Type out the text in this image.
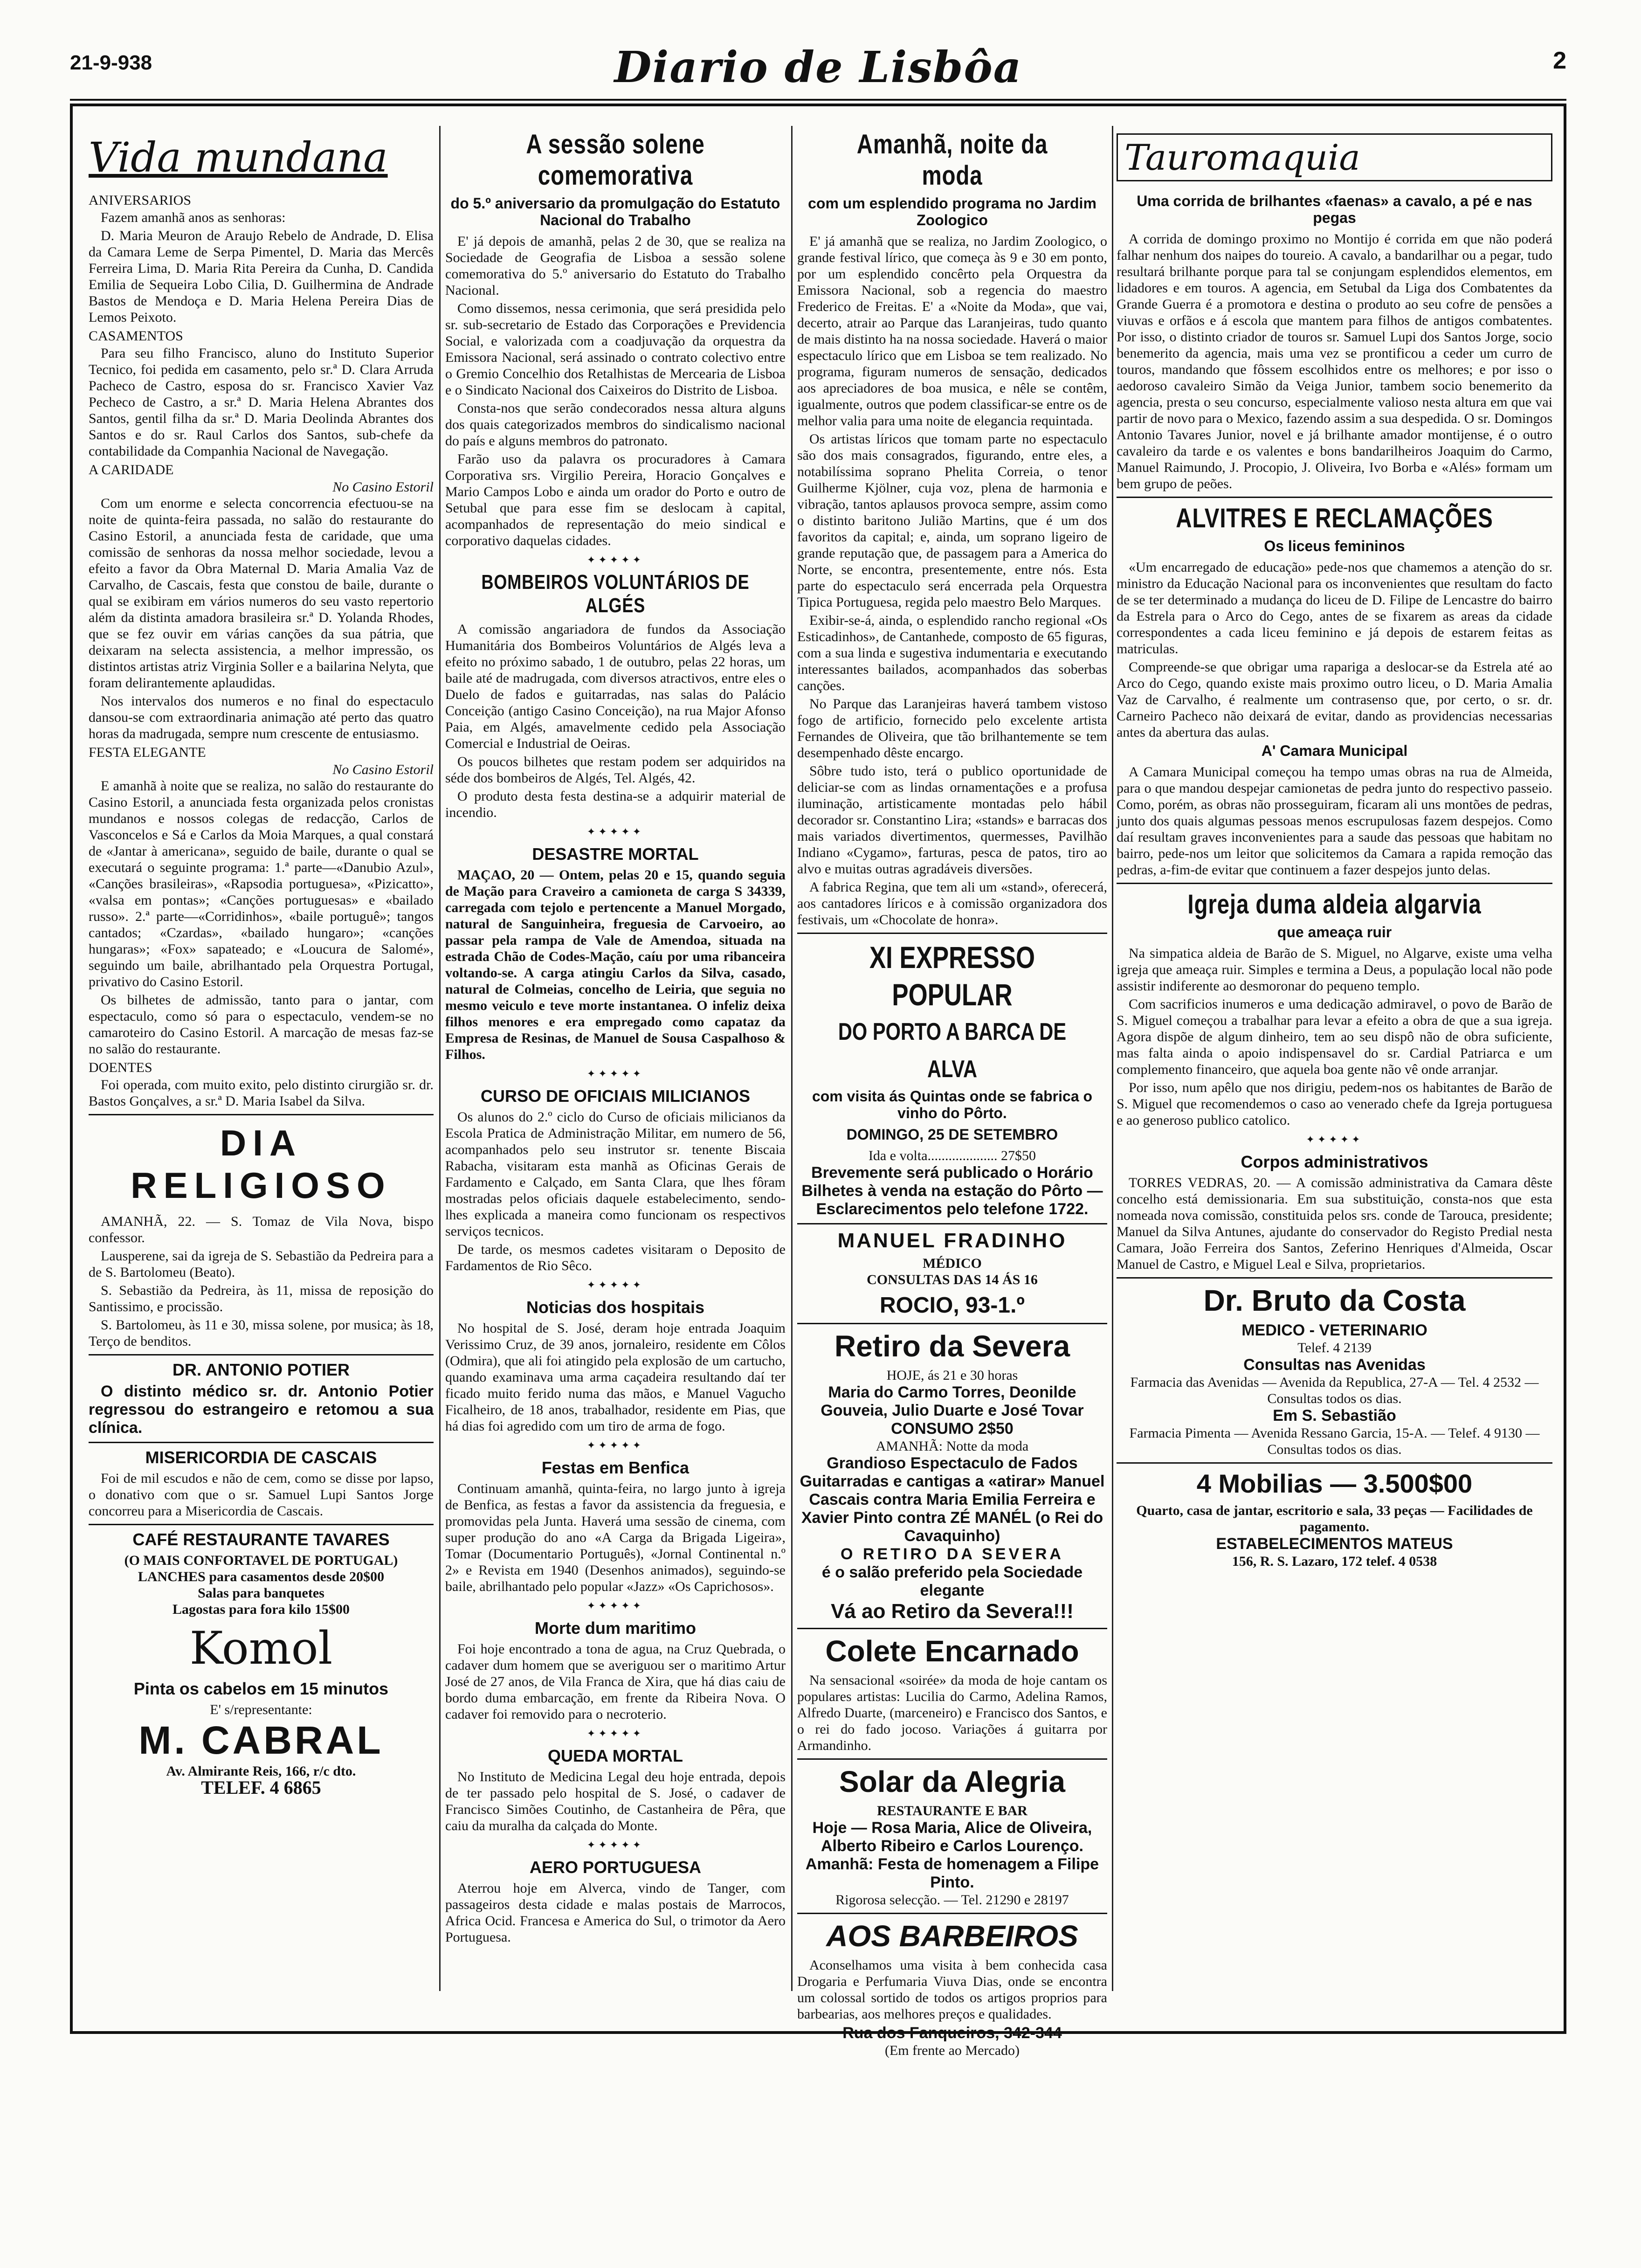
21-9-938	Diario de Lisbôa	2
Vida mundana
ANIVERSARIOS

Fazem amanhã anos as senhoras:

D. Maria Meuron de Araujo Rebelo de Andrade, D. Elisa da Camara Leme de Serpa Pimentel, D. Maria das Mercês Ferreira Lima, D. Maria Rita Pereira da Cunha, D. Candida Emilia de Sequeira Lobo Cilia, D. Guilhermina de Andrade Bastos de Mendoça e D. Maria Helena Pereira Dias de Lemos Peixoto.

CASAMENTOS

Para seu filho Francisco, aluno do Instituto Superior Tecnico, foi pedida em casamento, pelo sr.ª D. Clara Arruda Pacheco de Castro, esposa do sr. Francisco Xavier Vaz Pecheco de Castro, a sr.ª D. Maria Helena Abrantes dos Santos, gentil filha da sr.ª D. Maria Deolinda Abrantes dos Santos e do sr. Raul Carlos dos Santos, sub-chefe da contabilidade da Companhia Nacional de Navegação.

A CARIDADE
No Casino Estoril

Com um enorme e selecta concorrencia efectuou-se na noite de quinta-feira passada, no salão do restaurante do Casino Estoril, a anunciada festa de caridade, que uma comissão de senhoras da nossa melhor sociedade, levou a efeito a favor da Obra Maternal D. Maria Amalia Vaz de Carvalho, de Cascais, festa que constou de baile, durante o qual se exibiram em vários numeros do seu vasto repertorio além da distinta amadora brasileira sr.ª D. Yolanda Rhodes, que se fez ouvir em várias canções da sua pátria, que deixaram na selecta assistencia, a melhor impressão, os distintos artistas atriz Virginia Soller e a bailarina Nelyta, que foram delirantemente aplaudidas.

Nos intervalos dos numeros e no final do espectaculo dansou-se com extraordinaria animação até perto das quatro horas da madrugada, sempre num crescente de entusiasmo.

FESTA ELEGANTE
No Casino Estoril

E amanhã à noite que se realiza, no salão do restaurante do Casino Estoril, a anunciada festa organizada pelos cronistas mundanos e nossos colegas de redacção, Carlos de Vasconcelos e Sá e Carlos da Moia Marques, a qual constará de «Jantar à americana», seguido de baile, durante o qual se executará o seguinte programa: 1.ª parte—«Danubio Azul», «Canções brasileiras», «Rapsodia portuguesa», «Pizicatto», «valsa em pontas»; «Canções portuguesas» e «bailado russo». 2.ª parte—«Corridinhos», «baile portuguê»; tangos cantados; «Czardas», «bailado hungaro»; «canções hungaras»; «Fox» sapateado; e «Loucura de Salomé», seguindo um baile, abrilhantado pela Orquestra Portugal, privativo do Casino Estoril.

Os bilhetes de admissão, tanto para o jantar, com espectaculo, como só para o espectaculo, vendem-se no camaroteiro do Casino Estoril. A marcação de mesas faz-se no salão do restaurante.

DOENTES

Foi operada, com muito exito, pelo distinto cirurgião sr. dr. Bastos Gonçalves, a sr.ª D. Maria Isabel da Silva.

DIA RELIGIOSO

AMANHÃ, 22. — S. Tomaz de Vila Nova, bispo confessor.

Lausperene, sai da igreja de S. Sebastião da Pedreira para a de S. Bartolomeu (Beato).

S. Sebastião da Pedreira, às 11, missa de reposição do Santissimo, e procissão.

S. Bartolomeu, às 11 e 30, missa solene, por musica; às 18, Terço de benditos.

DR. ANTONIO POTIER

O distinto médico sr. dr. Antonio Potier regressou do estrangeiro e retomou a sua clínica.

MISERICORDIA DE CASCAIS

Foi de mil escudos e não de cem, como se disse por lapso, o donativo com que o sr. Samuel Lupi Santos Jorge concorreu para a Misericordia de Cascais.

CAFÉ RESTAURANTE TAVARES
(O MAIS CONFORTAVEL DE PORTUGAL)
LANCHES para casamentos desde 20$00
Salas para banquetes
Lagostas para fora kilo 15$00
Komol
Pinta os cabelos em 15 minutos
E' s/representante:
M. CABRAL
Av. Almirante Reis, 166, r/c dto.
TELEF. 4 6865
A sessão solene comemorativa
do 5.º aniversario da promulgação do Estatuto Nacional do Trabalho

E' já depois de amanhã, pelas 2 de 30, que se realiza na Sociedade de Geografia de Lisboa a sessão solene comemorativa do 5.º aniversario do Estatuto do Trabalho Nacional.

Como dissemos, nessa cerimonia, que será presidida pelo sr. sub-secretario de Estado das Corporações e Previdencia Social, e valorizada com a coadjuvação da orquestra da Emissora Nacional, será assinado o contrato colectivo entre o Gremio Concelhio dos Retalhistas de Mercearia de Lisboa e o Sindicato Nacional dos Caixeiros do Distrito de Lisboa.

Consta-nos que serão condecorados nessa altura alguns dos quais categorizados membros do sindicalismo nacional do país e alguns membros do patronato.

Farão uso da palavra os procuradores à Camara Corporativa srs. Virgilio Pereira, Horacio Gonçalves e Mario Campos Lobo e ainda um orador do Porto e outro de Setubal que para esse fim se deslocam à capital, acompanhados de representação do meio sindical e corporativo daquelas cidades.

✦✦✦✦✦
BOMBEIROS VOLUNTÁRIOS DE ALGÉS

A comissão angariadora de fundos da Associação Humanitária dos Bombeiros Voluntários de Algés leva a efeito no próximo sabado, 1 de outubro, pelas 22 horas, um baile até de madrugada, com diversos atractivos, entre eles o Duelo de fados e guitarradas, nas salas do Palácio Conceição (antigo Casino Conceição), na rua Major Afonso Paia, em Algés, amavelmente cedido pela Associação Comercial e Industrial de Oeiras.

Os poucos bilhetes que restam podem ser adquiridos na séde dos bombeiros de Algés, Tel. Algés, 42.

O produto desta festa destina-se a adquirir material de incendio.

✦✦✦✦✦
DESASTRE MORTAL

MAÇAO, 20 — Ontem, pelas 20 e 15, quando seguia de Mação para Craveiro a camioneta de carga S 34339, carregada com tejolo e pertencente a Manuel Morgado, natural de Sanguinheira, freguesia de Carvoeiro, ao passar pela rampa de Vale de Amendoa, situada na estrada Chão de Codes-Mação, caíu por uma ribanceira voltando-se. A carga atingiu Carlos da Silva, casado, natural de Colmeias, concelho de Leiria, que seguia no mesmo veiculo e teve morte instantanea. O infeliz deixa filhos menores e era empregado como capataz da Empresa de Resinas, de Manuel de Sousa Caspalhoso & Filhos.

✦✦✦✦✦
CURSO DE OFICIAIS MILICIANOS

Os alunos do 2.º ciclo do Curso de oficiais milicianos da Escola Pratica de Administração Militar, em numero de 56, acompanhados pelo seu instrutor sr. tenente Biscaia Rabacha, visitaram esta manhã as Oficinas Gerais de Fardamento e Calçado, em Santa Clara, que lhes fôram mostradas pelos oficiais daquele estabelecimento, sendo-lhes explicada a maneira como funcionam os respectivos serviços tecnicos.

De tarde, os mesmos cadetes visitaram o Deposito de Fardamentos de Rio Sêco.

✦✦✦✦✦
Noticias dos hospitais

No hospital de S. José, deram hoje entrada Joaquim Verissimo Cruz, de 39 anos, jornaleiro, residente em Côlos (Odmira), que ali foi atingido pela explosão de um cartucho, quando examinava uma arma caçadeira resultando daí ter ficado muito ferido numa das mãos, e Manuel Vagucho Ficalheiro, de 18 anos, trabalhador, residente em Pias, que há dias foi agredido com um tiro de arma de fogo.

✦✦✦✦✦
Festas em Benfica

Continuam amanhã, quinta-feira, no largo junto à igreja de Benfica, as festas a favor da assistencia da freguesia, e promovidas pela Junta. Haverá uma sessão de cinema, com super produção do ano «A Carga da Brigada Ligeira», Tomar (Documentario Português), «Jornal Continental n.º 2» e Revista em 1940 (Desenhos animados), seguindo-se baile, abrilhantado pelo popular «Jazz» «Os Caprichosos».

✦✦✦✦✦
Morte dum maritimo

Foi hoje encontrado a tona de agua, na Cruz Quebrada, o cadaver dum homem que se averiguou ser o maritimo Artur José de 27 anos, de Vila Franca de Xira, que há dias caiu de bordo duma embarcação, em frente da Ribeira Nova. O cadaver foi removido para o necroterio.

✦✦✦✦✦
QUEDA MORTAL

No Instituto de Medicina Legal deu hoje entrada, depois de ter passado pelo hospital de S. José, o cadaver de Francisco Simões Coutinho, de Castanheira de Pêra, que caiu da muralha da calçada do Monte.

✦✦✦✦✦
AERO PORTUGUESA

Aterrou hoje em Alverca, vindo de Tanger, com passageiros desta cidade e malas postais de Marrocos, Africa Ocid. Francesa e America do Sul, o trimotor da Aero Portuguesa.

Amanhã, noite da moda
com um esplendido programa no Jardim Zoologico

E' já amanhã que se realiza, no Jardim Zoologico, o grande festival lírico, que começa às 9 e 30 em ponto, por um esplendido concêrto pela Orquestra da Emissora Nacional, sob a regencia do maestro Frederico de Freitas. E' a «Noite da Moda», que vai, decerto, atrair ao Parque das Laranjeiras, tudo quanto de mais distinto ha na nossa sociedade. Haverá o maior espectaculo lírico que em Lisboa se tem realizado. No programa, figuram numeros de sensação, dedicados aos apreciadores de boa musica, e nêle se contêm, igualmente, outros que podem classificar-se entre os de melhor valia para uma noite de elegancia requintada.

Os artistas líricos que tomam parte no espectaculo são dos mais consagrados, figurando, entre eles, a notabilíssima soprano Phelita Correia, o tenor Guilherme Kjölner, cuja voz, plena de harmonia e vibração, tantos aplausos provoca sempre, assim como o distinto baritono Julião Martins, que é um dos favoritos da capital; e, ainda, um soprano ligeiro de grande reputação que, de passagem para a America do Norte, se encontra, presentemente, entre nós. Esta parte do espectaculo será encerrada pela Orquestra Tipica Portuguesa, regida pelo maestro Belo Marques.

Exibir-se-á, ainda, o esplendido rancho regional «Os Esticadinhos», de Cantanhede, composto de 65 figuras, com a sua linda e sugestiva indumentaria e executando interessantes bailados, acompanhados das soberbas canções.

No Parque das Laranjeiras haverá tambem vistoso fogo de artificio, fornecido pelo excelente artista Fernandes de Oliveira, que tão brilhantemente se tem desempenhado dêste encargo.

Sôbre tudo isto, terá o publico oportunidade de deliciar-se com as lindas ornamentações e a profusa iluminação, artisticamente montadas pelo hábil decorador sr. Constantino Lira; «stands» e barracas dos mais variados divertimentos, quermesses, Pavilhão Indiano «Cygamo», farturas, pesca de patos, tiro ao alvo e muitas outras agradáveis diversões.

A fabrica Regina, que tem ali um «stand», oferecerá, aos cantadores líricos e à comissão organizadora dos festivais, um «Chocolate de honra».

XI EXPRESSO POPULAR
DO PORTO A BARCA DE ALVA
com visita ás Quintas onde se fabrica o vinho do Pôrto.
DOMINGO, 25 DE SETEMBRO
Ida e volta.................... 27$50
Brevemente será publicado o Horário
Bilhetes à venda na estação do Pôrto — Esclarecimentos pelo telefone 1722.
MANUEL FRADINHO
MÉDICO
CONSULTAS DAS 14 ÁS 16
ROCIO, 93-1.º
Retiro da Severa
HOJE, ás 21 e 30 horas
Maria do Carmo Torres, Deonilde Gouveia, Julio Duarte e José Tovar
CONSUMO 2$50
AMANHÃ: Notte da moda
Grandioso Espectaculo de Fados Guitarradas e cantigas a «atirar» Manuel Cascais contra Maria Emilia Ferreira e Xavier Pinto contra ZÉ MANÉL (o Rei do Cavaquinho)
O RETIRO DA SEVERA
é o salão preferido pela Sociedade elegante
Vá ao Retiro da Severa!!!
Colete Encarnado

Na sensacional «soirée» da moda de hoje cantam os populares artistas: Lucilia do Carmo, Adelina Ramos, Alfredo Duarte, (marceneiro) e Francisco dos Santos, e o rei do fado jocoso. Variações á guitarra por Armandinho.

Solar da Alegria
RESTAURANTE E BAR
Hoje — Rosa Maria, Alice de Oliveira, Alberto Ribeiro e Carlos Lourenço.
Amanhã: Festa de homenagem a Filipe Pinto.
Rigorosa selecção. — Tel. 21290 e 28197
AOS BARBEIROS

Aconselhamos uma visita à bem conhecida casa Drogaria e Perfumaria Viuva Dias, onde se encontra um colossal sortido de todos os artigos proprios para barbearias, aos melhores preços e qualidades.

Rua dos Fanqueiros, 342-344
(Em frente ao Mercado)
Tauromaquia
Uma corrida de brilhantes «faenas» a cavalo, a pé e nas pegas

A corrida de domingo proximo no Montijo é corrida em que não poderá falhar nenhum dos naipes do toureio. A cavalo, a bandarilhar ou a pegar, tudo resultará brilhante porque para tal se conjungam esplendidos elementos, em lidadores e em touros. A agencia, em Setubal da Liga dos Combatentes da Grande Guerra é a promotora e destina o produto ao seu cofre de pensões a viuvas e orfãos e á escola que mantem para filhos de antigos combatentes. Por isso, o distinto criador de touros sr. Samuel Lupi dos Santos Jorge, socio benemerito da agencia, mais uma vez se prontificou a ceder um curro de touros, mandando que fôssem escolhidos entre os melhores; e por isso o aedoroso cavaleiro Simão da Veiga Junior, tambem socio benemerito da agencia, presta o seu concurso, especialmente valioso nesta altura em que vai partir de novo para o Mexico, fazendo assim a sua despedida. O sr. Domingos Antonio Tavares Junior, novel e já brilhante amador montijense, é o outro cavaleiro da tarde e os valentes e bons bandarilheiros Joaquim do Carmo, Manuel Raimundo, J. Procopio, J. Oliveira, Ivo Borba e «Alés» formam um bem grupo de peões.

ALVITRES E RECLAMAÇÕES
Os liceus femininos

«Um encarregado de educação» pede-nos que chamemos a atenção do sr. ministro da Educação Nacional para os inconvenientes que resultam do facto de se ter determinado a mudança do liceu de D. Filipe de Lencastre do bairro da Estrela para o Arco do Cego, antes de se fixarem as areas da cidade correspondentes a cada liceu feminino e já depois de estarem feitas as matriculas.

Compreende-se que obrigar uma rapariga a deslocar-se da Estrela até ao Arco do Cego, quando existe mais proximo outro liceu, o D. Maria Amalia Vaz de Carvalho, é realmente um contrasenso que, por certo, o sr. dr. Carneiro Pacheco não deixará de evitar, dando as providencias necessarias antes da abertura das aulas.

A' Camara Municipal

A Camara Municipal começou ha tempo umas obras na rua de Almeida, para o que mandou despejar camionetas de pedra junto do respectivo passeio. Como, porém, as obras não prosseguiram, ficaram ali uns montões de pedras, junto dos quais algumas pessoas menos escrupulosas fazem despejos. Como daí resultam graves inconvenientes para a saude das pessoas que habitam no bairro, pede-nos um leitor que solicitemos da Camara a rapida remoção das pedras, a-fim-de evitar que continuem a fazer despejos junto delas.

Igreja duma aldeia algarvia
que ameaça ruir

Na simpatica aldeia de Barão de S. Miguel, no Algarve, existe uma velha igreja que ameaça ruir. Simples e termina a Deus, a população local não pode assistir indiferente ao desmoronar do pequeno templo.

Com sacrificios inumeros e uma dedicação admiravel, o povo de Barão de S. Miguel começou a trabalhar para levar a efeito a obra de que a sua igreja. Agora dispõe de algum dinheiro, tem ao seu dispô não de obra suficiente, mas falta ainda o apoio indispensavel do sr. Cardial Patriarca e um complemento financeiro, que aquela boa gente não vê onde arranjar.

Por isso, num apêlo que nos dirigiu, pedem-nos os habitantes de Barão de S. Miguel que recomendemos o caso ao venerado chefe da Igreja portuguesa e ao generoso publico catolico.

✦✦✦✦✦
Corpos administrativos

TORRES VEDRAS, 20. — A comissão administrativa da Camara dêste concelho está demissionaria. Em sua substituição, consta-nos que esta nomeada nova comissão, constituida pelos srs. conde de Tarouca, presidente; Manuel da Silva Antunes, ajudante do conservador do Registo Predial nesta Camara, João Ferreira dos Santos, Zeferino Henriques d'Almeida, Oscar Manuel de Castro, e Miguel Leal e Silva, proprietarios.

Dr. Bruto da Costa
MEDICO - VETERINARIO
Telef. 4 2139
Consultas nas Avenidas
Farmacia das Avenidas — Avenida da Republica, 27-A — Tel. 4 2532 — Consultas todos os dias.
Em S. Sebastião
Farmacia Pimenta — Avenida Ressano Garcia, 15-A. — Telef. 4 9130 — Consultas todos os dias.
4 Mobilias — 3.500$00
Quarto, casa de jantar, escritorio e sala, 33 peças — Facilidades de pagamento.
ESTABELECIMENTOS MATEUS
156, R. S. Lazaro, 172 telef. 4 0538
